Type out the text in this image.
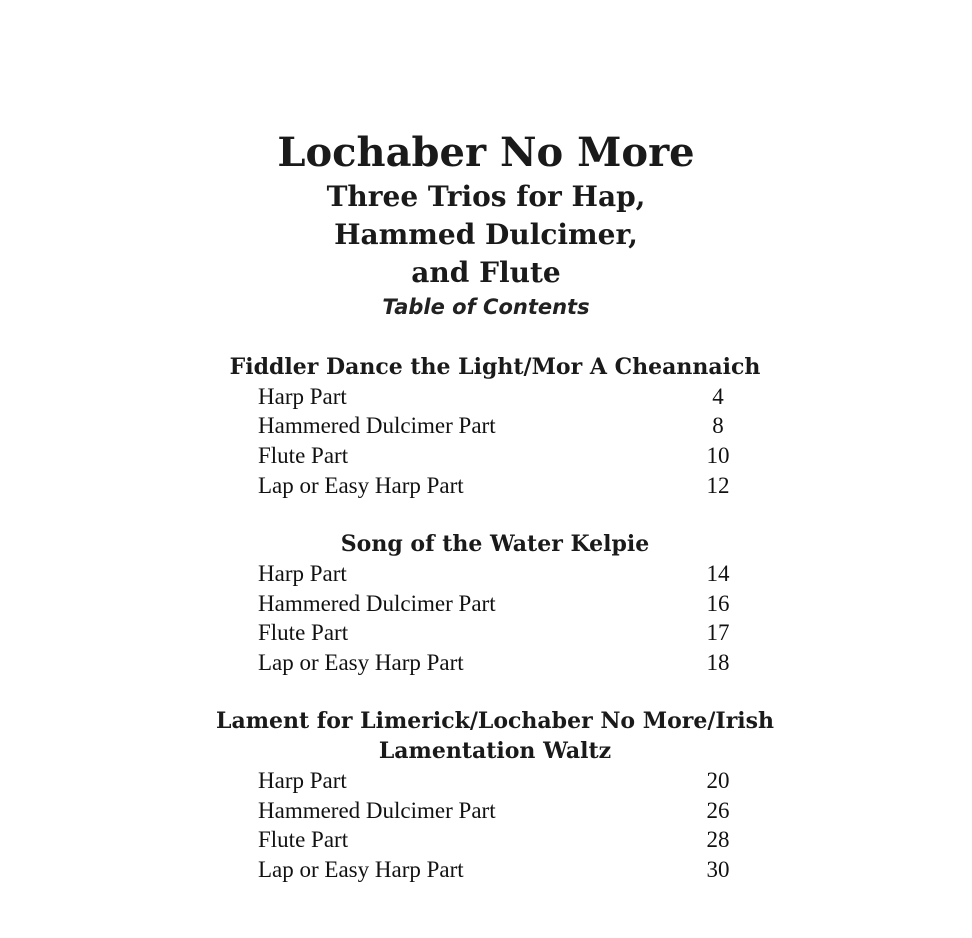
Lochaber No More
Three Trios for Hap,
Hammed Dulcimer,
and Flute
Table of Contents
Fiddler Dance the Light/Mor A Cheannaich
Harp Part	4
Hammered Dulcimer Part	8
Flute Part	10
Lap or Easy Harp Part	12
Song of the Water Kelpie
Harp Part	14
Hammered Dulcimer Part	16
Flute Part	17
Lap or Easy Harp Part	18
Lament for Limerick/Lochaber No More/Irish
Lamentation Waltz
Harp Part	20
Hammered Dulcimer Part	26
Flute Part	28
Lap or Easy Harp Part	30
